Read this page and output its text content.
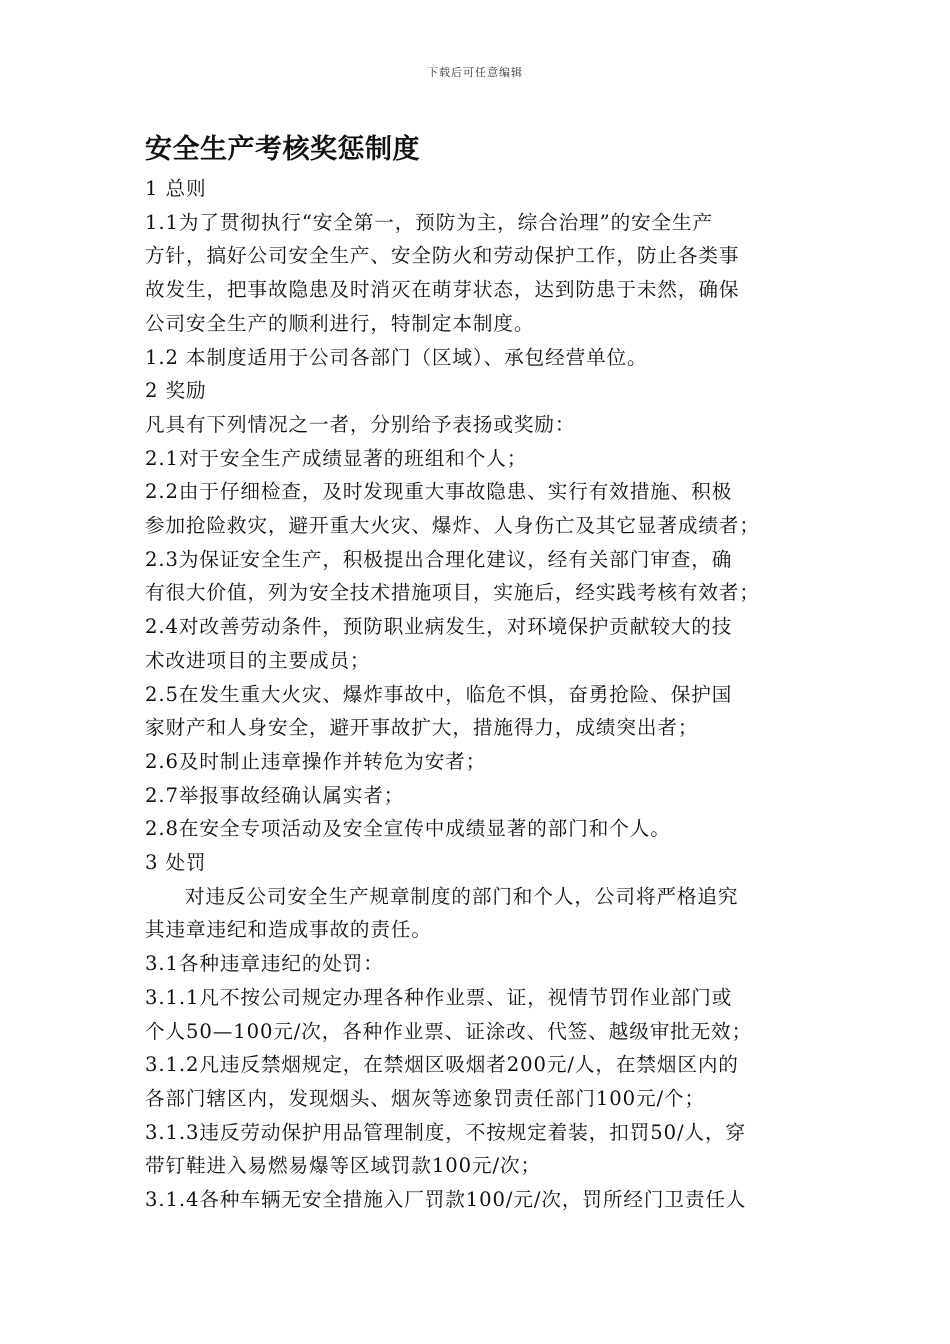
下载后可任意编辑
安全生产考核奖惩制度
1 总则
1.1为了贯彻执行“安全第一，预防为主，综合治理”的安全生产
方针，搞好公司安全生产、安全防火和劳动保护工作，防止各类事
故发生，把事故隐患及时消灭在萌芽状态，达到防患于未然，确保
公司安全生产的顺利进行，特制定本制度。
1.2 本制度适用于公司各部门（区域）、承包经营单位。
2 奖励
凡具有下列情况之一者，分别给予表扬或奖励：
2.1对于安全生产成绩显著的班组和个人；
2.2由于仔细检查，及时发现重大事故隐患、实行有效措施、积极
参加抢险救灾，避开重大火灾、爆炸、人身伤亡及其它显著成绩者；
2.3为保证安全生产，积极提出合理化建议，经有关部门审查，确
有很大价值，列为安全技术措施项目，实施后，经实践考核有效者；
2.4对改善劳动条件，预防职业病发生，对环境保护贡献较大的技
术改进项目的主要成员；
2.5在发生重大火灾、爆炸事故中，临危不惧，奋勇抢险、保护国
家财产和人身安全，避开事故扩大，措施得力，成绩突出者；
2.6及时制止违章操作并转危为安者；
2.7举报事故经确认属实者；
2.8在安全专项活动及安全宣传中成绩显著的部门和个人。
3 处罚
对违反公司安全生产规章制度的部门和个人，公司将严格追究
其违章违纪和造成事故的责任。
3.1各种违章违纪的处罚：
3.1.1凡不按公司规定办理各种作业票、证，视情节罚作业部门或
个人50—100元/次，各种作业票、证涂改、代签、越级审批无效；
3.1.2凡违反禁烟规定，在禁烟区吸烟者200元/人，在禁烟区内的
各部门辖区内，发现烟头、烟灰等迹象罚责任部门100元/个；
3.1.3违反劳动保护用品管理制度，不按规定着装，扣罚50/人，穿
带钉鞋进入易燃易爆等区域罚款100元/次；
3.1.4各种车辆无安全措施入厂罚款100/元/次，罚所经门卫责任人
